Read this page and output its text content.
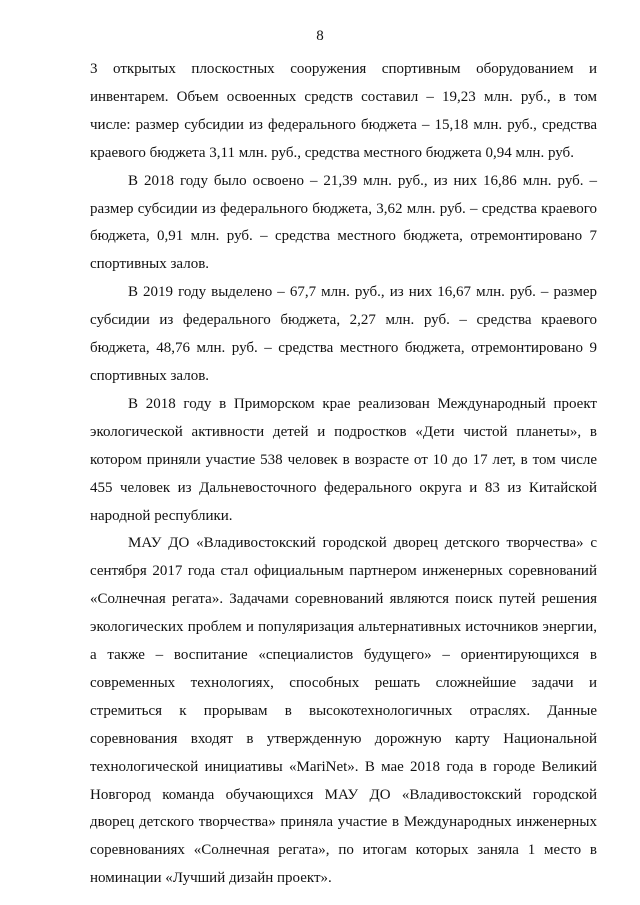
8

3 открытых плоскостных сооружения спортивным оборудованием и инвентарем. Объем освоенных средств составил – 19,23 млн. руб., в том числе: размер субсидии из федерального бюджета – 15,18 млн. руб., средства краевого бюджета 3,11 млн. руб., средства местного бюджета 0,94 млн. руб.

В 2018 году было освоено – 21,39 млн. руб., из них 16,86 млн. руб. – размер субсидии из федерального бюджета, 3,62 млн. руб. – средства краевого бюджета, 0,91 млн. руб. – средства местного бюджета, отремонтировано 7 спортивных залов.

В 2019 году выделено – 67,7 млн. руб., из них 16,67 млн. руб. – размер субсидии из федерального бюджета, 2,27 млн. руб. – средства краевого бюджета, 48,76 млн. руб. – средства местного бюджета, отремонтировано 9 спортивных залов.

В 2018 году в Приморском крае реализован Международный проект экологической активности детей и подростков «Дети чистой планеты», в котором приняли участие 538 человек в возрасте от 10 до 17 лет, в том числе 455 человек из Дальневосточного федерального округа и 83 из Китайской народной республики.

МАУ ДО «Владивостокский городской дворец детского творчества» с сентября 2017 года стал официальным партнером инженерных соревнований «Солнечная регата». Задачами соревнований являются поиск путей решения экологических проблем и популяризация альтернативных источников энергии, а также – воспитание «специалистов будущего» – ориентирующихся в современных технологиях, способных решать сложнейшие задачи и стремиться к прорывам в высокотехнологичных отраслях. Данные соревнования входят в утвержденную дорожную карту Национальной технологической инициативы «MariNet». В мае 2018 года в городе Великий Новгород команда обучающихся МАУ ДО «Владивостокский городской дворец детского творчества» приняла участие в Международных инженерных соревнованиях «Солнечная регата», по итогам которых заняла 1 место в номинации «Лучший дизайн проект».
